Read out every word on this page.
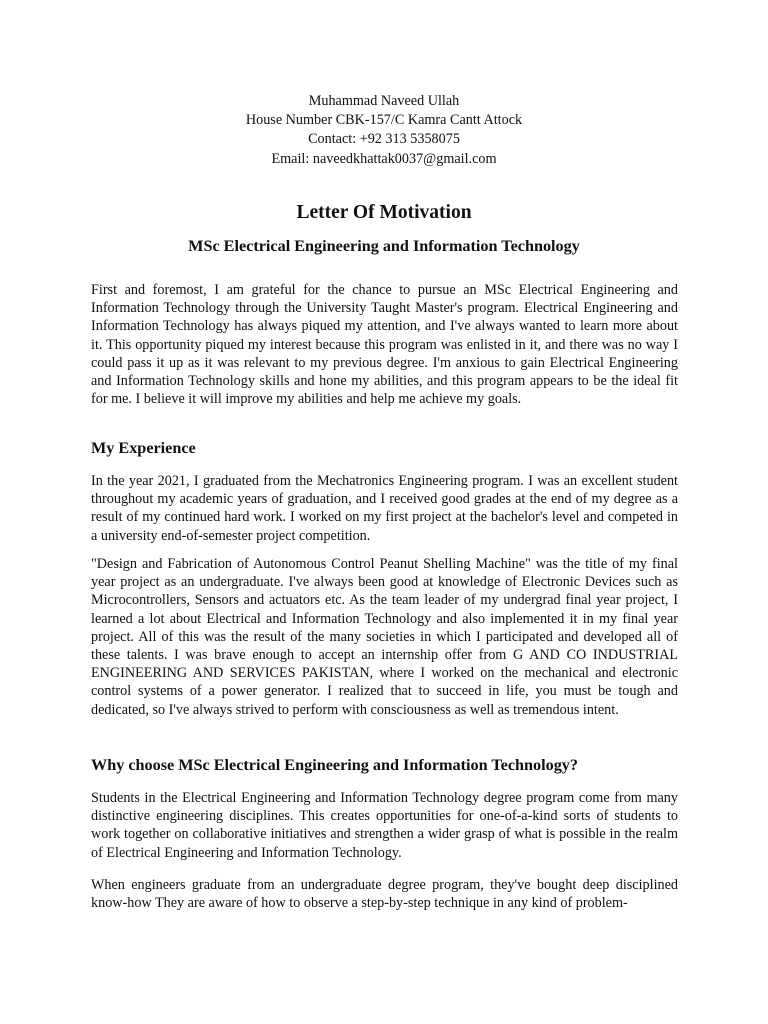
Muhammad Naveed Ullah
House Number CBK-157/C Kamra Cantt Attock
Contact: +92 313 5358075
Email: naveedkhattak0037@gmail.com
Letter Of Motivation
MSc Electrical Engineering and Information Technology

First and foremost, I am grateful for the chance to pursue an MSc Electrical Engineering and Information Technology through the University Taught Master's program. Electrical Engineering and Information Technology has always piqued my attention, and I've always wanted to learn more about it. This opportunity piqued my interest because this program was enlisted in it, and there was no way I could pass it up as it was relevant to my previous degree. I'm anxious to gain Electrical Engineering and Information Technology skills and hone my abilities, and this program appears to be the ideal fit for me. I believe it will improve my abilities and help me achieve my goals.

My Experience

In the year 2021, I graduated from the Mechatronics Engineering program. I was an excellent student throughout my academic years of graduation, and I received good grades at the end of my degree as a result of my continued hard work. I worked on my first project at the bachelor's level and competed in a university end-of-semester project competition.

"Design and Fabrication of Autonomous Control Peanut Shelling Machine" was the title of my final year project as an undergraduate. I've always been good at knowledge of Electronic Devices such as Microcontrollers, Sensors and actuators etc. As the team leader of my undergrad final year project, I learned a lot about Electrical and Information Technology and also implemented it in my final year project. All of this was the result of the many societies in which I participated and developed all of these talents. I was brave enough to accept an internship offer from G AND CO INDUSTRIAL ENGINEERING AND SERVICES PAKISTAN, where I worked on the mechanical and electronic control systems of a power generator. I realized that to succeed in life, you must be tough and dedicated, so I've always strived to perform with consciousness as well as tremendous intent.

Why choose MSc Electrical Engineering and Information Technology?

Students in the Electrical Engineering and Information Technology degree program come from many distinctive engineering disciplines. This creates opportunities for one-of-a-kind sorts of students to work together on collaborative initiatives and strengthen a wider grasp of what is possible in the realm of Electrical Engineering and Information Technology.

When engineers graduate from an undergraduate degree program, they've bought deep disciplined know-how They are aware of how to observe a step-by-step technique in any kind of problem-
